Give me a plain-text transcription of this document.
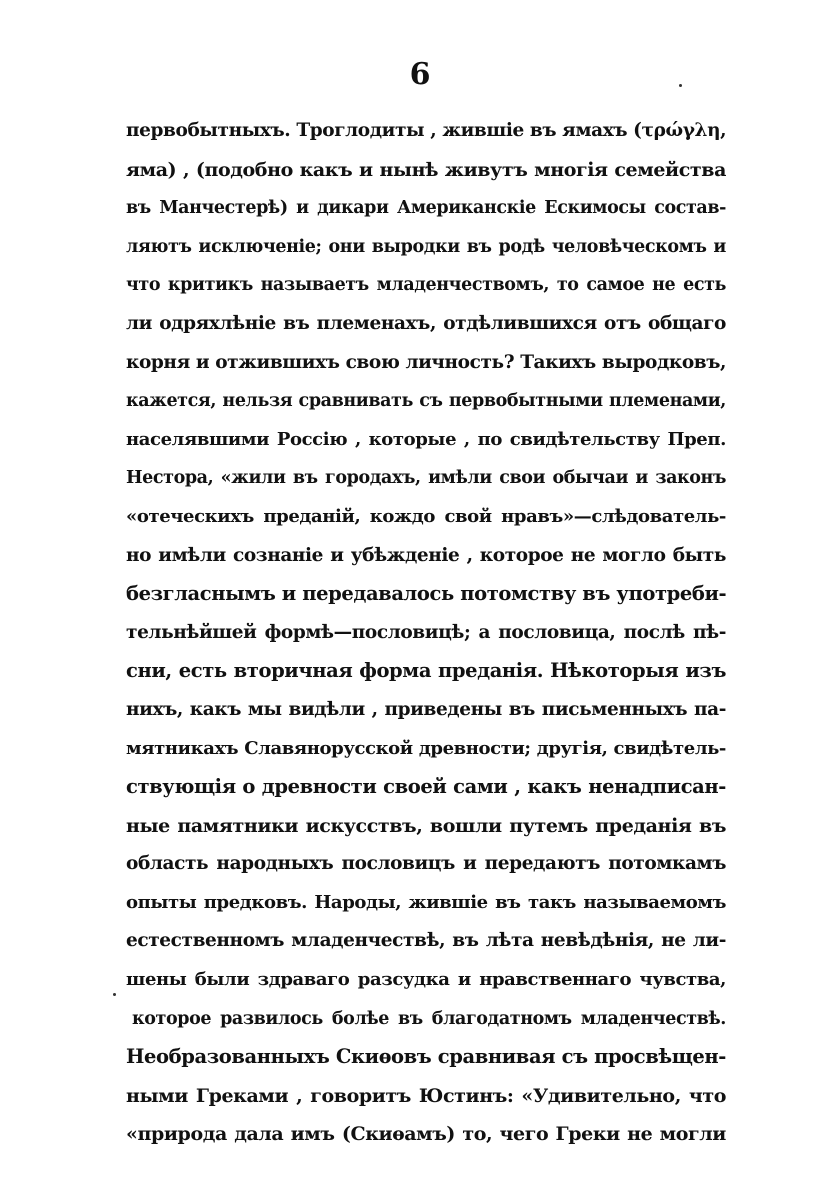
6
первобытныхъ. Троглодиты , жившіе въ ямахъ (τρώγλη,
яма) , (подобно какъ и нынѣ живутъ многія семейства
въ Манчестерѣ) и дикари Американскіе Ескимосы состав-
ляютъ исключеніе; они выродки въ родѣ человѣческомъ и
что критикъ называетъ младенчествомъ, то самое не есть
ли одряхлѣніе въ племенахъ, отдѣлившихся отъ общаго
корня и отжившихъ свою личность? Такихъ выродковъ,
кажется, нельзя сравнивать съ первобытными племенами,
населявшими Россію , которые , по свидѣтельству Преп.
Нестора, «жили въ городахъ, имѣли свои обычаи и законъ
«отеческихъ преданій, кождо свой нравъ»—слѣдователь-
но имѣли сознаніе и убѣжденіе , которое не могло быть
безгласнымъ и передавалось потомству въ употреби-
тельнѣйшей формѣ—пословицѣ; а пословица, послѣ пѣ-
сни, есть вторичная форма преданія. Нѣкоторыя изъ
нихъ, какъ мы видѣли , приведены въ письменныхъ па-
мятникахъ Славянорусской древности; другія, свидѣтель-
ствующія о древности своей сами , какъ ненадписан-
ные памятники искусствъ, вошли путемъ преданія въ
область народныхъ пословицъ и передаютъ потомкамъ
опыты предковъ. Народы, жившіе въ такъ называемомъ
естественномъ младенчествѣ, въ лѣта невѣдѣнія, не ли-
шены были здраваго разсудка и нравственнаго чувства,
которое развилось болѣе въ благодатномъ младенчествѣ.
Необразованныхъ Скиѳовъ сравнивая съ просвѣщен-
ными Греками , говоритъ Юстинъ: «Удивительно, что
«природа дала имъ (Скиѳамъ) то, чего Греки не могли
